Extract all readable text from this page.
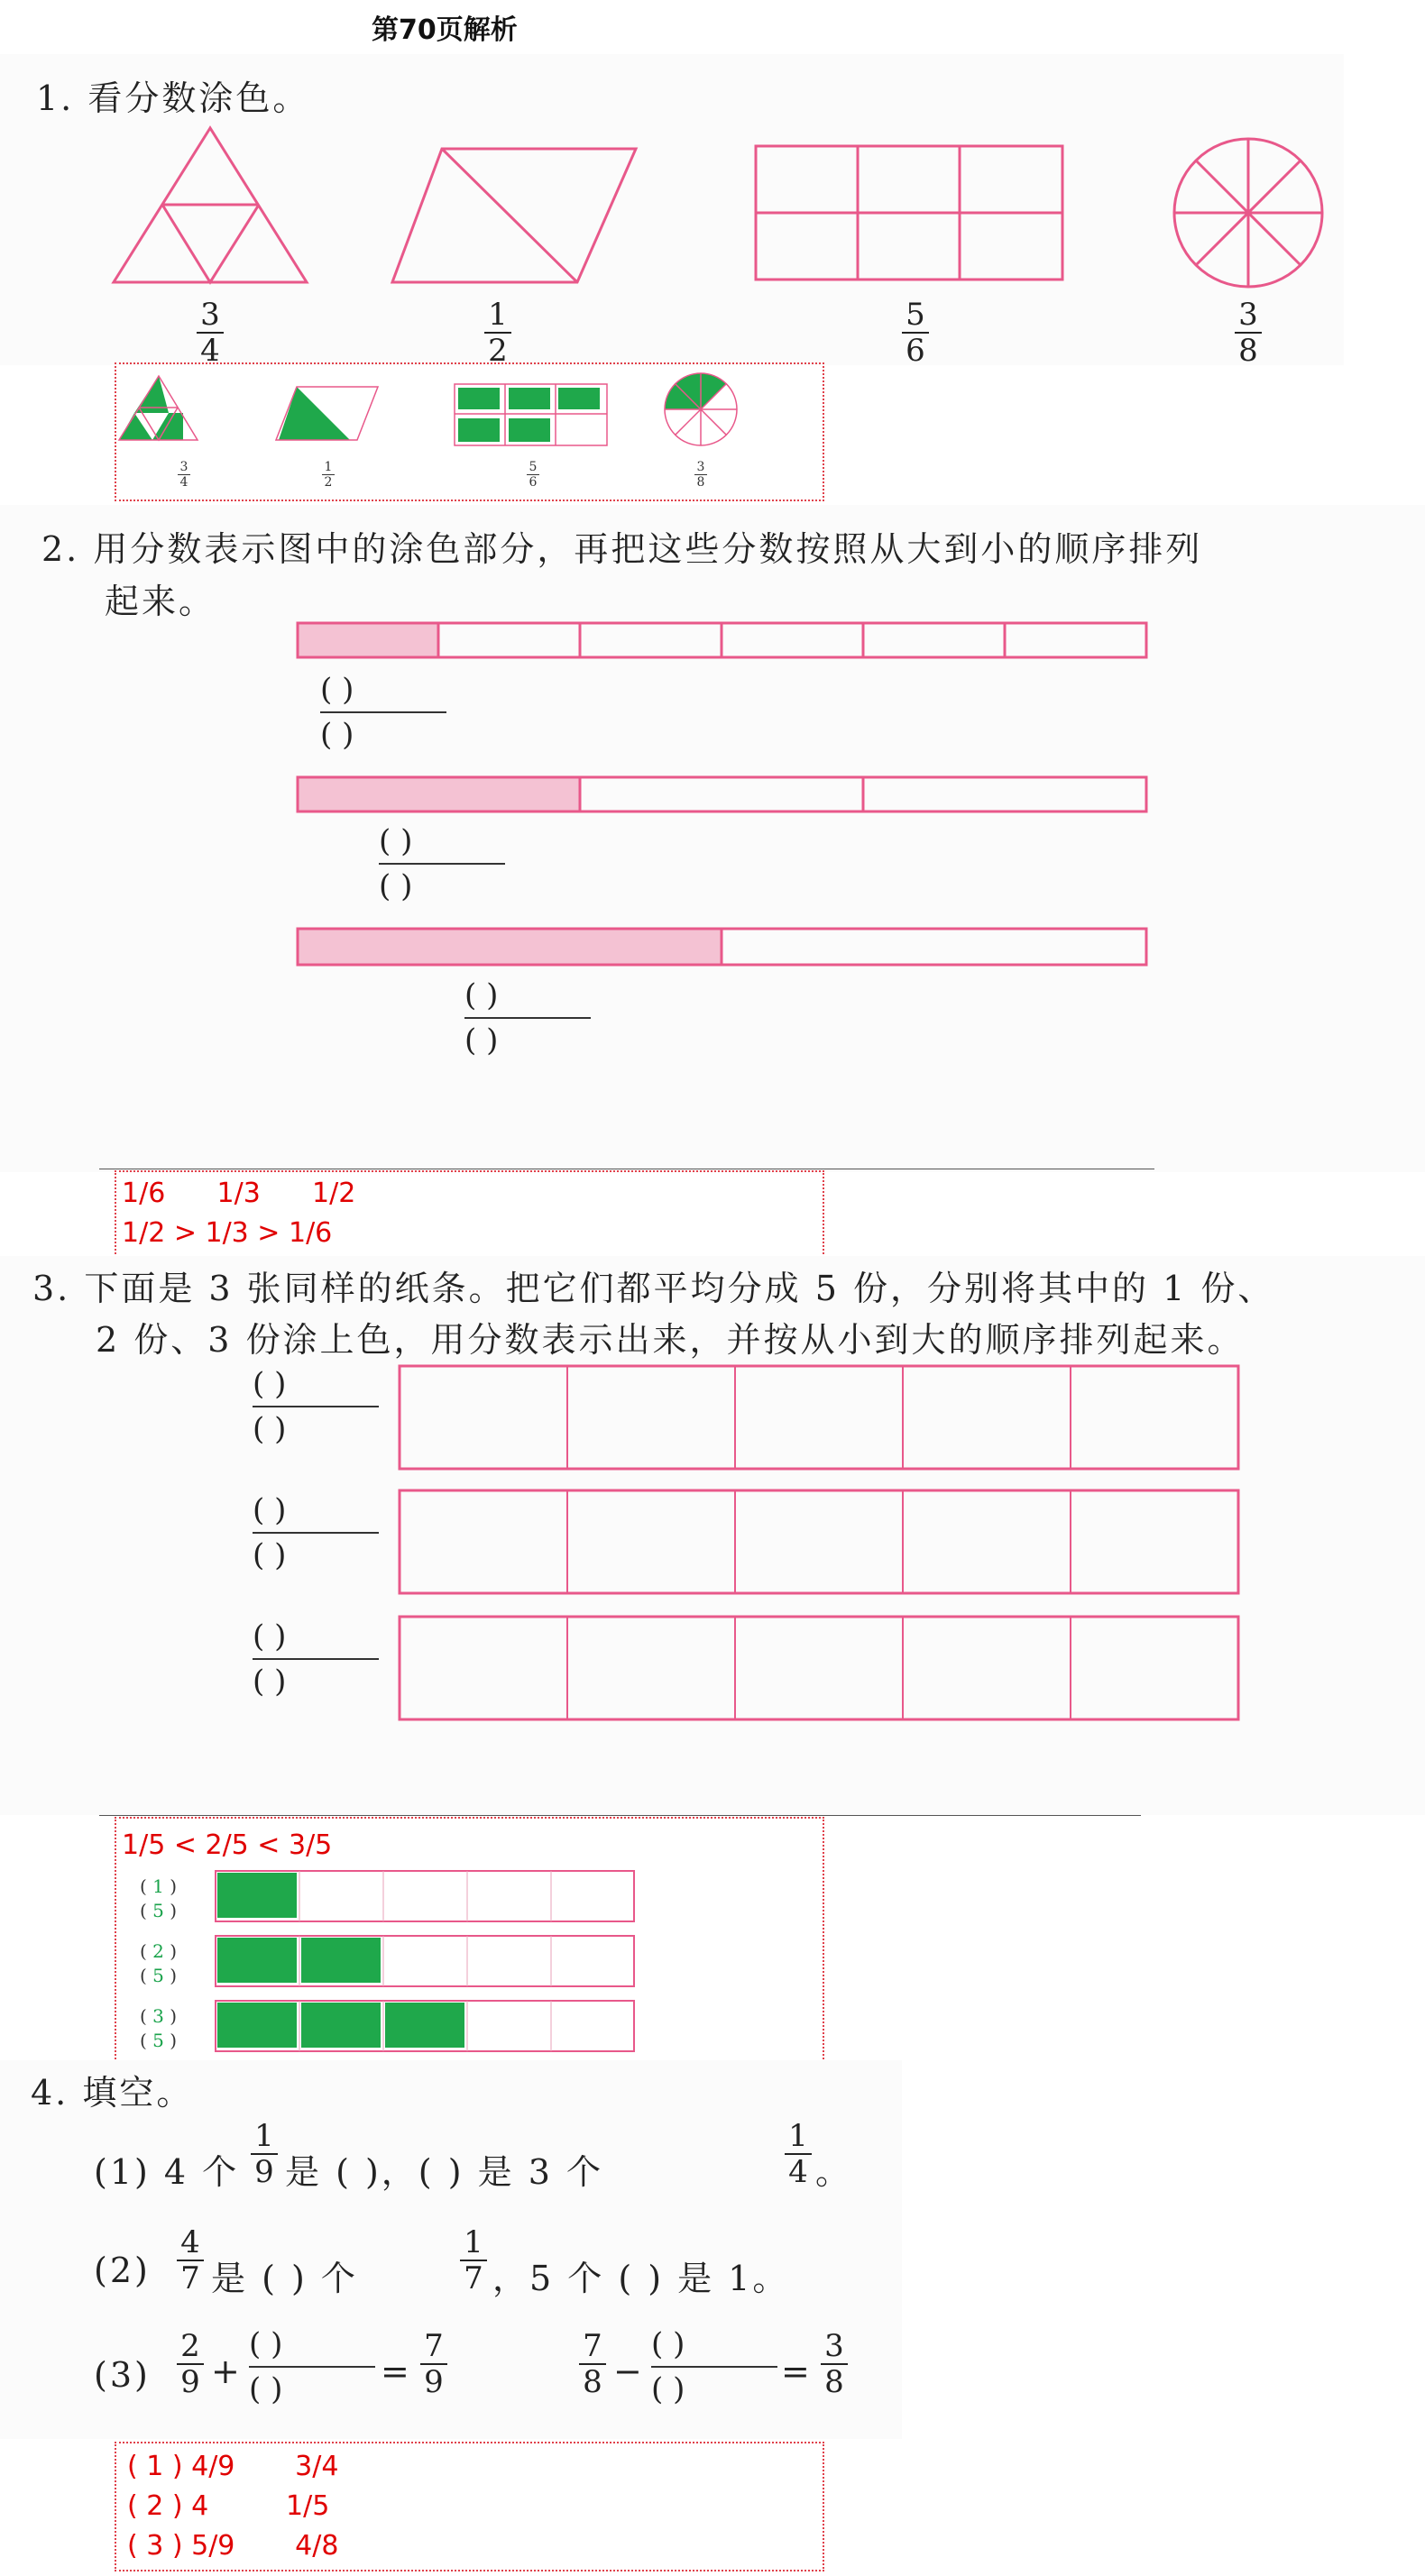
第70页解析
1. 看分数涂色。
3
4
1
2
5
6
3
8
3
4
1
2
5
6
3
8
2. 用分数表示图中的涂色部分，再把这些分数按照从大到小的顺序排列
起来。
( )
( )
( )
( )
( )
( )
1/6      1/3      1/2
1/2 > 1/3 > 1/6
3. 下面是 3 张同样的纸条。把它们都平均分成 5 份，分别将其中的 1 份、
2 份、3 份涂上色，用分数表示出来，并按从小到大的顺序排列起来。
( )
( )
( )
( )
( )
( )
1/5 < 2/5 < 3/5
( 1 )
( 5 )
( 2 )
( 5 )
( 3 )
( 5 )
4. 填空。
(1) 4 个
1
9 是 ( )，( ) 是 3 个
1
4 。
(2)
4
7 是 ( ) 个
1
7 ，5 个 ( ) 是 1。
(3)
2
9 +
( )
( )	=
7
9
7
8 −
( )
( )	=
3
8
( 1 ) 4/9       3/4
( 2 ) 4         1/5
( 3 ) 5/9       4/8
